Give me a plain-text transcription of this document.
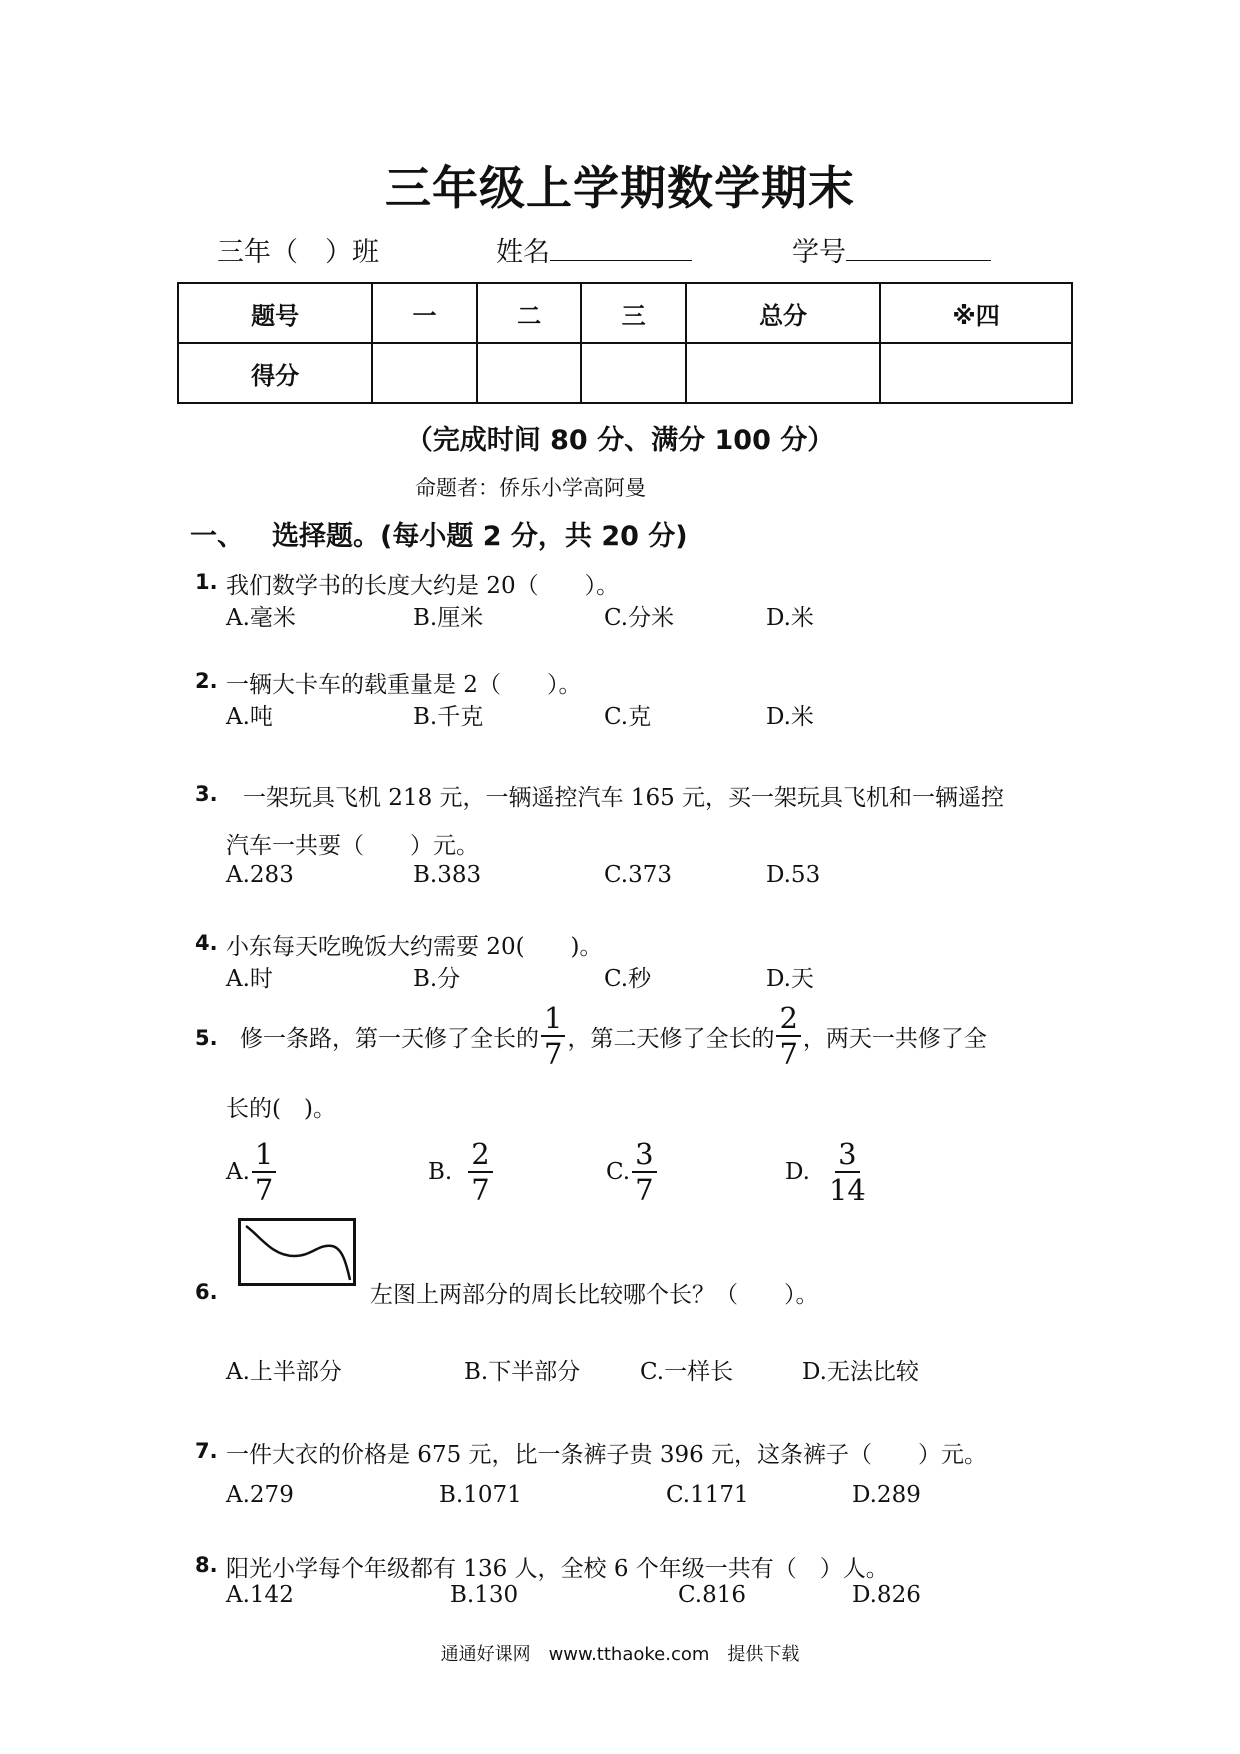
三年级上学期数学期末
三年（　）班	姓名	学号
题号	一	二	三	总分	※四
得分					
（完成时间 80 分、满分 100 分）
命题者：侨乐小学高阿曼
一、 选择题。(每小题 2 分，共 20 分)
1. 我们数学书的长度大约是 20（　　）。
A.毫米	B.厘米	C.分米	D.米
2. 一辆大卡车的载重量是 2（　　）。
A.吨	B.千克	C.克	D.米
3. 一架玩具飞机 218 元，一辆遥控汽车 165 元，买一架玩具飞机和一辆遥控
汽车一共要（　　）元。
A.283	B.383	C.373	D.53
4. 小东每天吃晚饭大约需要 20(　　)。
A.时	B.分	C.秒	D.天
5. 修一条路，第一天修了全长的 $\frac{1}{7}$ ，第二天修了全长的 $\frac{2}{7}$ ，两天一共修了全
长的(　)。
A. $\frac{1}{7}$	B. $\frac{2}{7}$	C. $\frac{3}{7}$	D. $\frac{3}{14}$
6.	左图上两部分的周长比较哪个长？（　　）。
A.上半部分	B.下半部分	C.一样长	D.无法比较
7. 一件大衣的价格是 675 元，比一条裤子贵 396 元，这条裤子（　　）元。
A.279	B.1071	C.1171	D.289
8. 阳光小学每个年级都有 136 人，全校 6 个年级一共有（　）人。
A.142	B.130	C.816	D.826
通通好课网　www.tthaoke.com　提供下载
